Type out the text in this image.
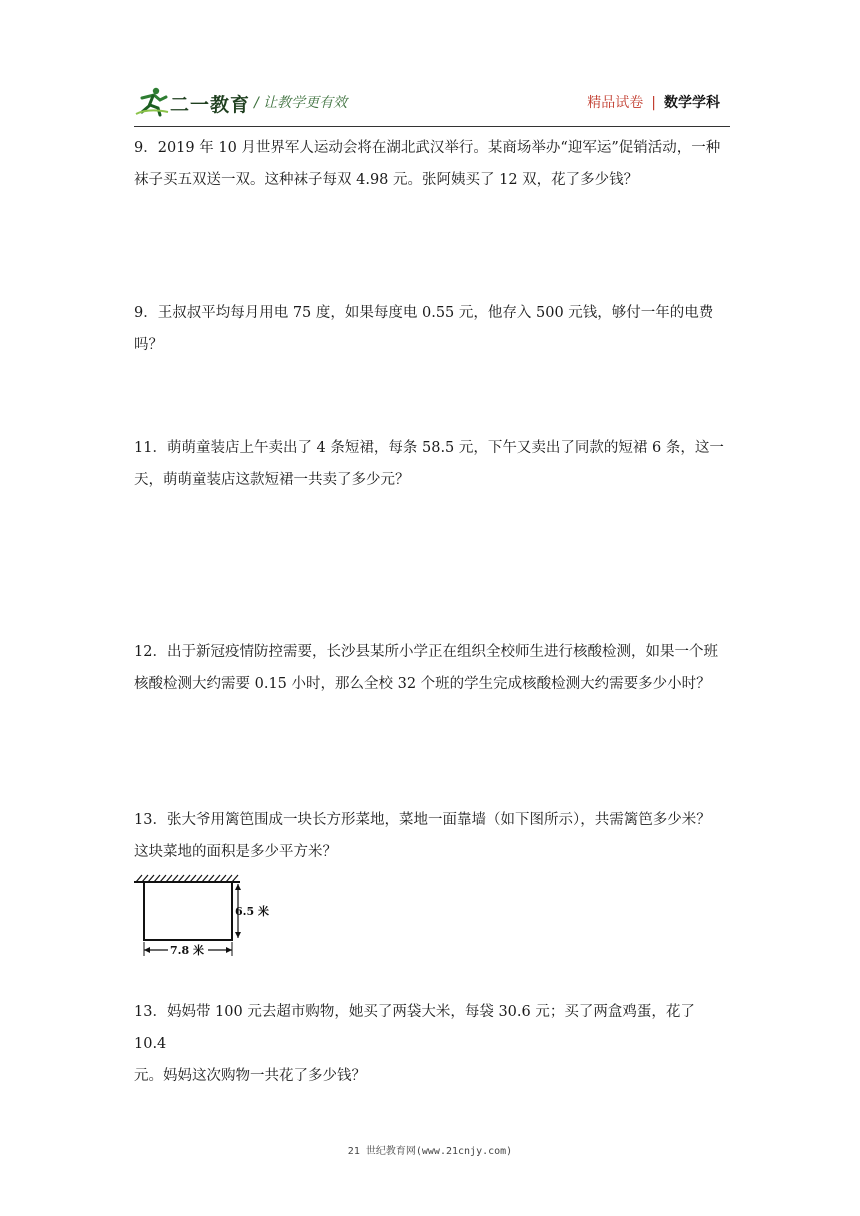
二一教育 / 让教学更有效	精品试卷 | 数学学科

9．2019 年 10 月世界军人运动会将在湖北武汉举行。某商场举办“迎军运”促销活动，一种

袜子买五双送一双。这种袜子每双 4.98 元。张阿姨买了 12 双，花了多少钱？

9．王叔叔平均每月用电 75 度，如果每度电 0.55 元，他存入 500 元钱，够付一年的电费吗？

11．萌萌童装店上午卖出了 4 条短裙，每条 58.5 元，下午又卖出了同款的短裙 6 条，这一

天，萌萌童装店这款短裙一共卖了多少元？

12．出于新冠疫情防控需要，长沙县某所小学正在组织全校师生进行核酸检测，如果一个班

核酸检测大约需要 0.15 小时，那么全校 32 个班的学生完成核酸检测大约需要多少小时？

13．张大爷用篱笆围成一块长方形菜地，菜地一面靠墙（如下图所示），共需篱笆多少米？

这块菜地的面积是多少平方米？

6.5 米
7.8 米

13．妈妈带 100 元去超市购物，她买了两袋大米，每袋 30.6 元；买了两盒鸡蛋，花了 10.4

元。妈妈这次购物一共花了多少钱？

21 世纪教育网(www.21cnjy.com)
